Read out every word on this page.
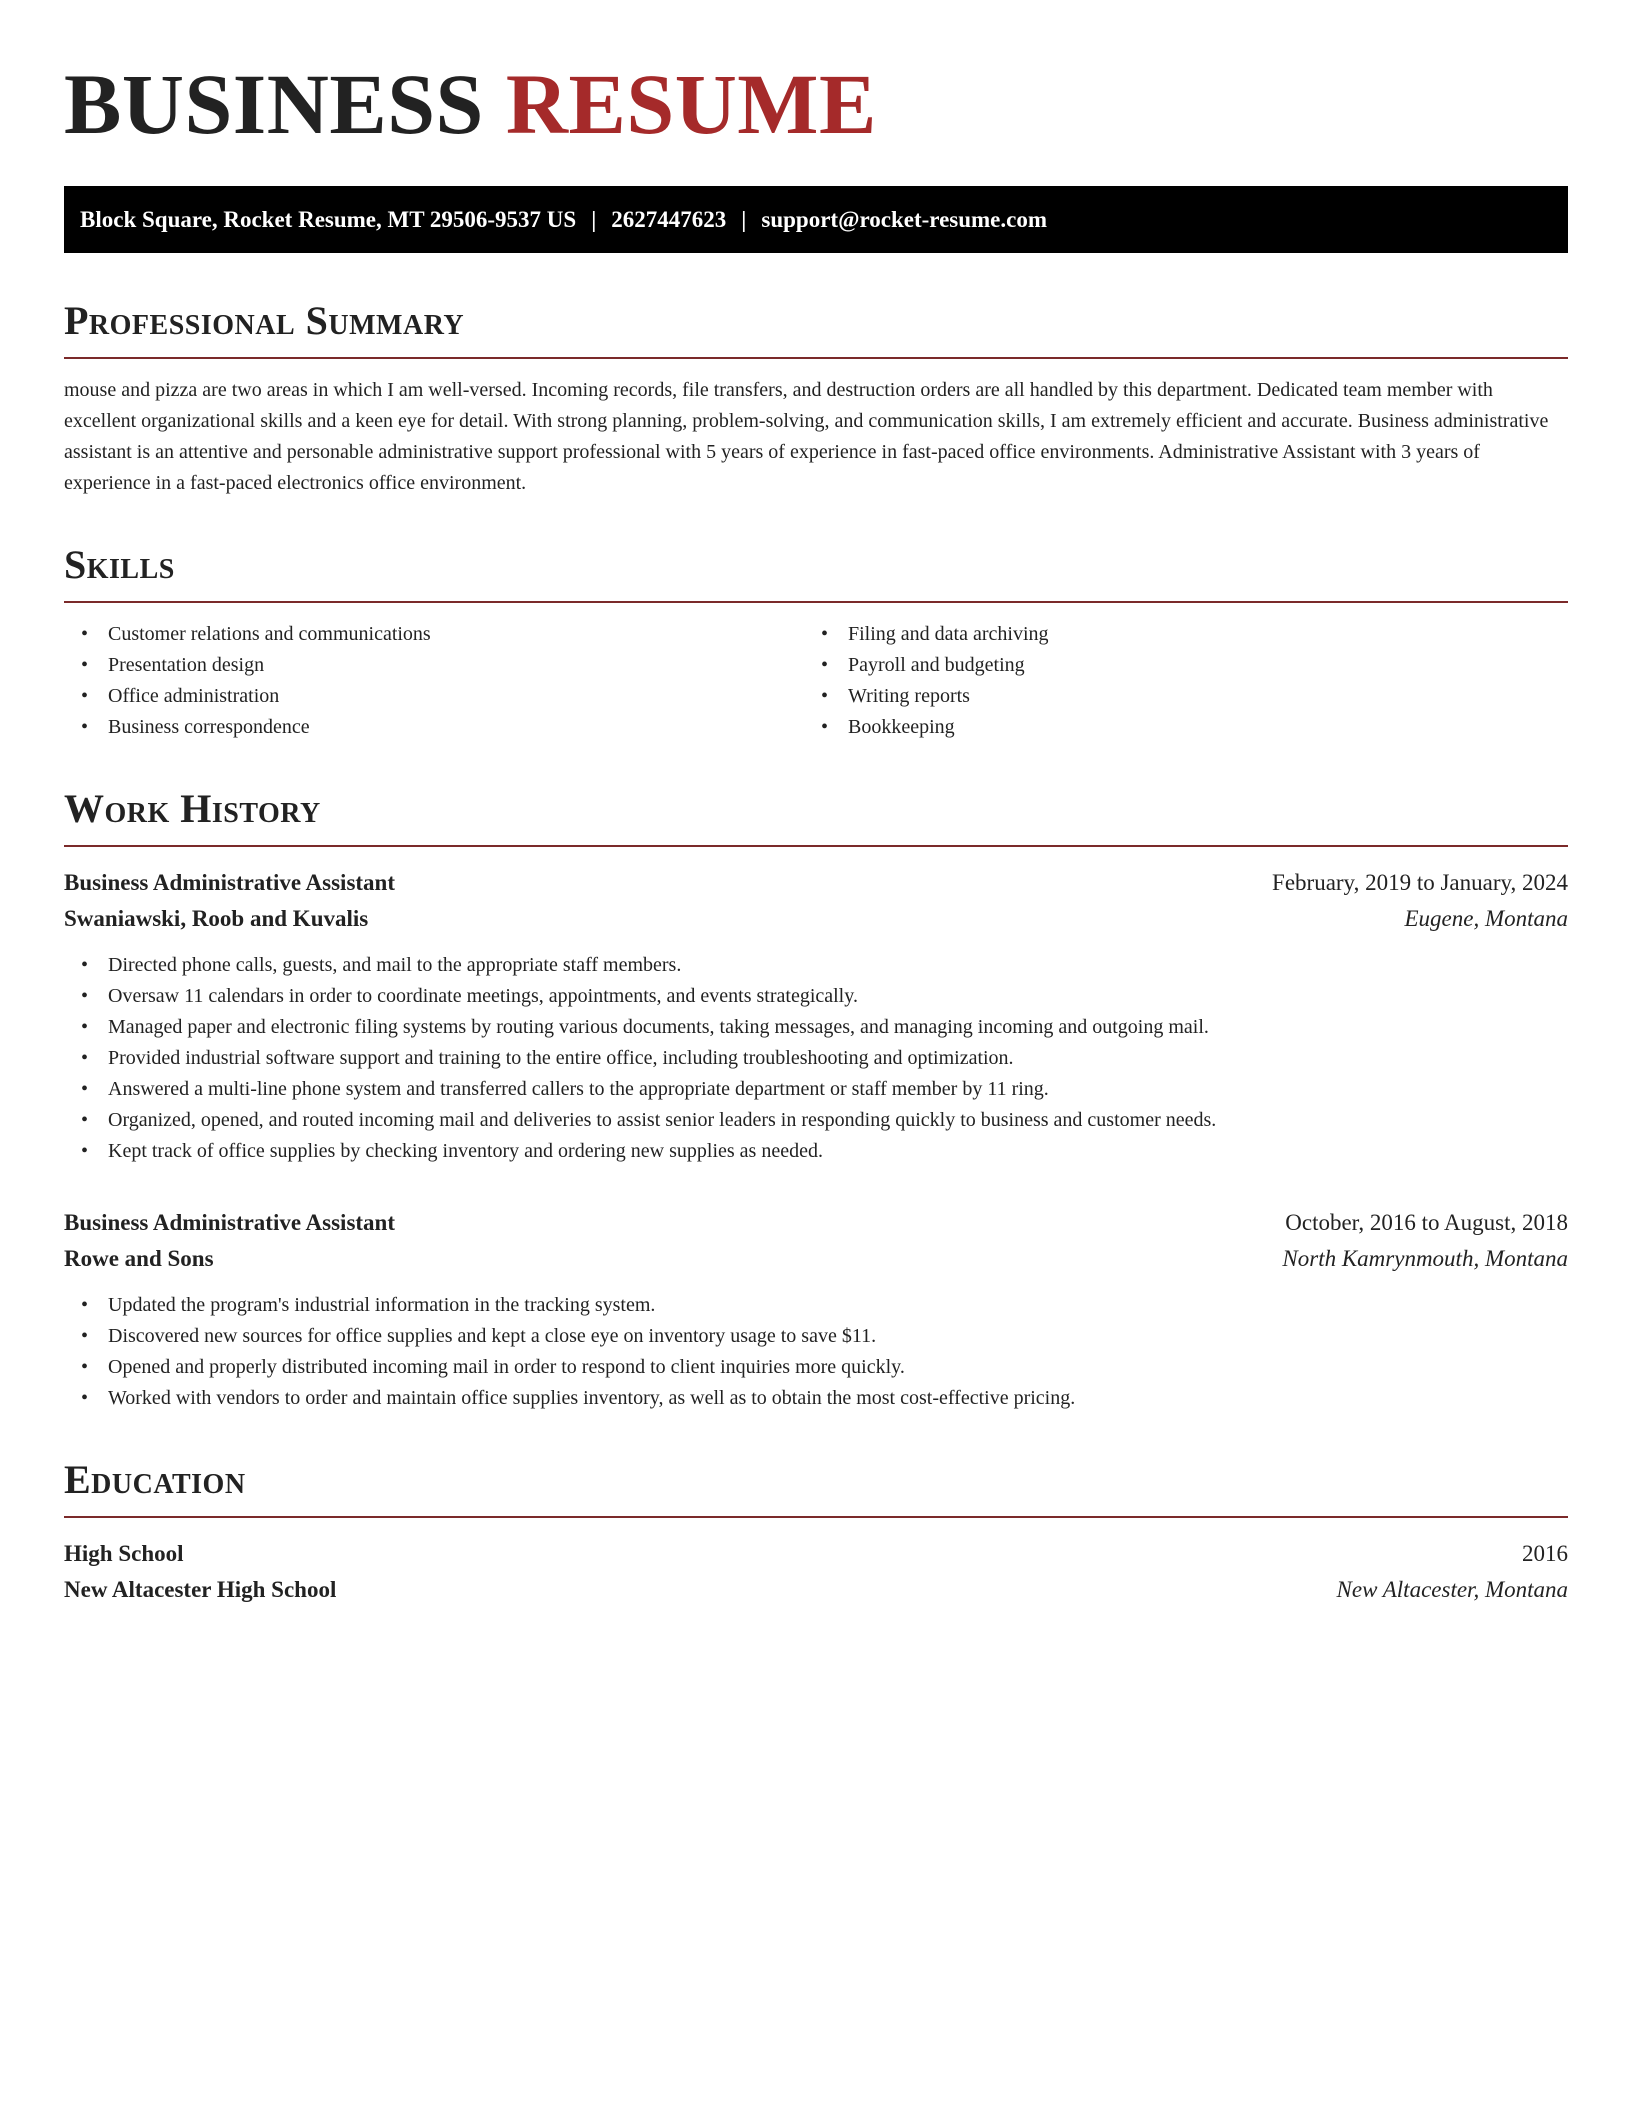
BUSINESS RESUME
Block Square, Rocket Resume, MT 29506-9537 US | 2627447623 | support@rocket-resume.com
Professional Summary

mouse and pizza are two areas in which I am well-versed. Incoming records, file transfers, and destruction orders are all handled by this department. Dedicated team member with excellent organizational skills and a keen eye for detail. With strong planning, problem-solving, and communication skills, I am extremely efficient and accurate. Business administrative assistant is an attentive and personable administrative support professional with 5 years of experience in fast-paced office environments. Administrative Assistant with 3 years of experience in a fast-paced electronics office environment.

Skills
• Customer relations and communications
• Presentation design
• Office administration
• Business correspondence
• Filing and data archiving
• Payroll and budgeting
• Writing reports
• Bookkeeping
Work History
Business Administrative Assistant	February, 2019 to January, 2024
Swaniawski, Roob and Kuvalis	Eugene, Montana
• Directed phone calls, guests, and mail to the appropriate staff members.
• Oversaw 11 calendars in order to coordinate meetings, appointments, and events strategically.
• Managed paper and electronic filing systems by routing various documents, taking messages, and managing incoming and outgoing mail.
• Provided industrial software support and training to the entire office, including troubleshooting and optimization.
• Answered a multi-line phone system and transferred callers to the appropriate department or staff member by 11 ring.
• Organized, opened, and routed incoming mail and deliveries to assist senior leaders in responding quickly to business and customer needs.
• Kept track of office supplies by checking inventory and ordering new supplies as needed.
Business Administrative Assistant	October, 2016 to August, 2018
Rowe and Sons	North Kamrynmouth, Montana
• Updated the program's industrial information in the tracking system.
• Discovered new sources for office supplies and kept a close eye on inventory usage to save $11.
• Opened and properly distributed incoming mail in order to respond to client inquiries more quickly.
• Worked with vendors to order and maintain office supplies inventory, as well as to obtain the most cost-effective pricing.
Education
High School	2016
New Altacester High School	New Altacester, Montana
